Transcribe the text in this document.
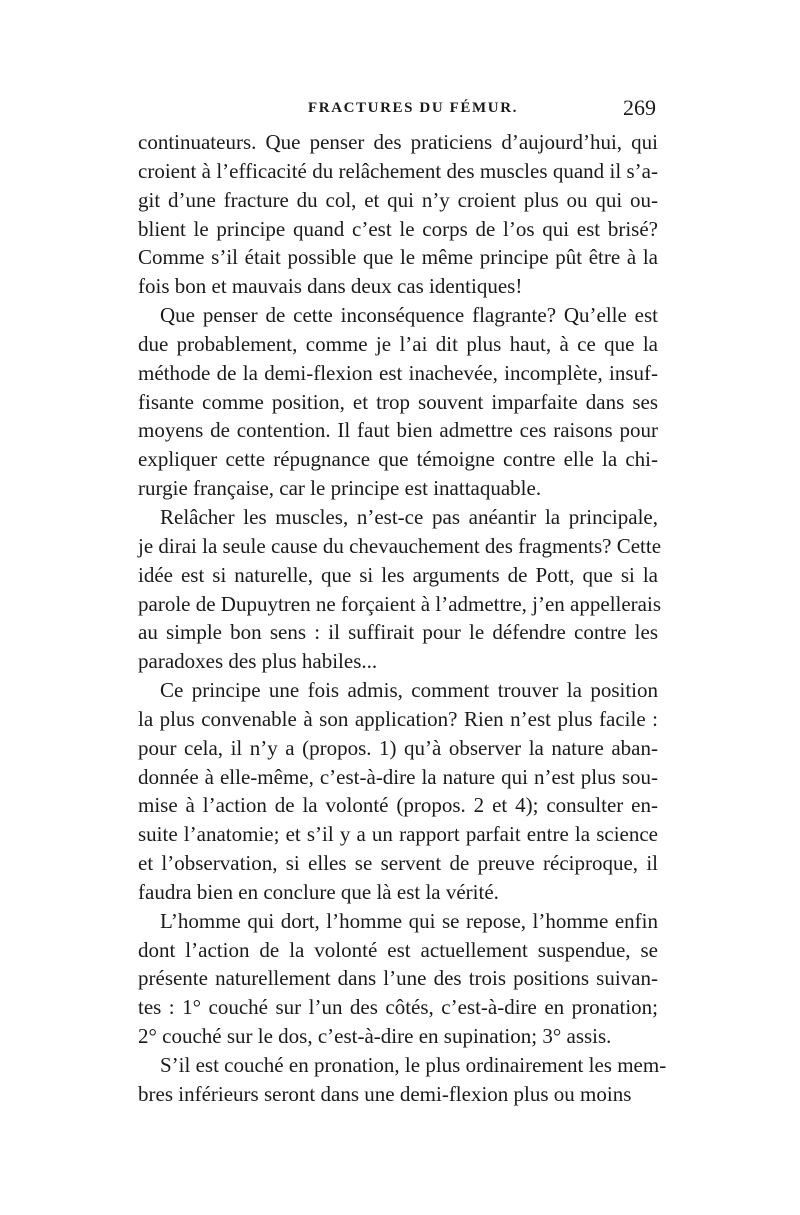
FRACTURES DU FÉMUR.	269
continuateurs. Que penser des praticiens d’aujourd’hui, qui
croient à l’efficacité du relâchement des muscles quand il s’a-
git d’une fracture du col, et qui n’y croient plus ou qui ou-
blient le principe quand c’est le corps de l’os qui est brisé?
Comme s’il était possible que le même principe pût être à la
fois bon et mauvais dans deux cas identiques!
Que penser de cette inconséquence flagrante? Qu’elle est
due probablement, comme je l’ai dit plus haut, à ce que la
méthode de la demi-flexion est inachevée, incomplète, insuf-
fisante comme position, et trop souvent imparfaite dans ses
moyens de contention. Il faut bien admettre ces raisons pour
expliquer cette répugnance que témoigne contre elle la chi-
rurgie française, car le principe est inattaquable.
Relâcher les muscles, n’est-ce pas anéantir la principale,
je dirai la seule cause du chevauchement des fragments? Cette
idée est si naturelle, que si les arguments de Pott, que si la
parole de Dupuytren ne forçaient à l’admettre, j’en appellerais
au simple bon sens : il suffirait pour le défendre contre les
paradoxes des plus habiles...
Ce principe une fois admis, comment trouver la position
la plus convenable à son application? Rien n’est plus facile :
pour cela, il n’y a (propos. 1) qu’à observer la nature aban-
donnée à elle-même, c’est-à-dire la nature qui n’est plus sou-
mise à l’action de la volonté (propos. 2 et 4); consulter en-
suite l’anatomie; et s’il y a un rapport parfait entre la science
et l’observation, si elles se servent de preuve réciproque, il
faudra bien en conclure que là est la vérité.
L’homme qui dort, l’homme qui se repose, l’homme enfin
dont l’action de la volonté est actuellement suspendue, se
présente naturellement dans l’une des trois positions suivan-
tes : 1° couché sur l’un des côtés, c’est-à-dire en pronation;
2° couché sur le dos, c’est-à-dire en supination; 3° assis.
S’il est couché en pronation, le plus ordinairement les mem-
bres inférieurs seront dans une demi-flexion plus ou moins
